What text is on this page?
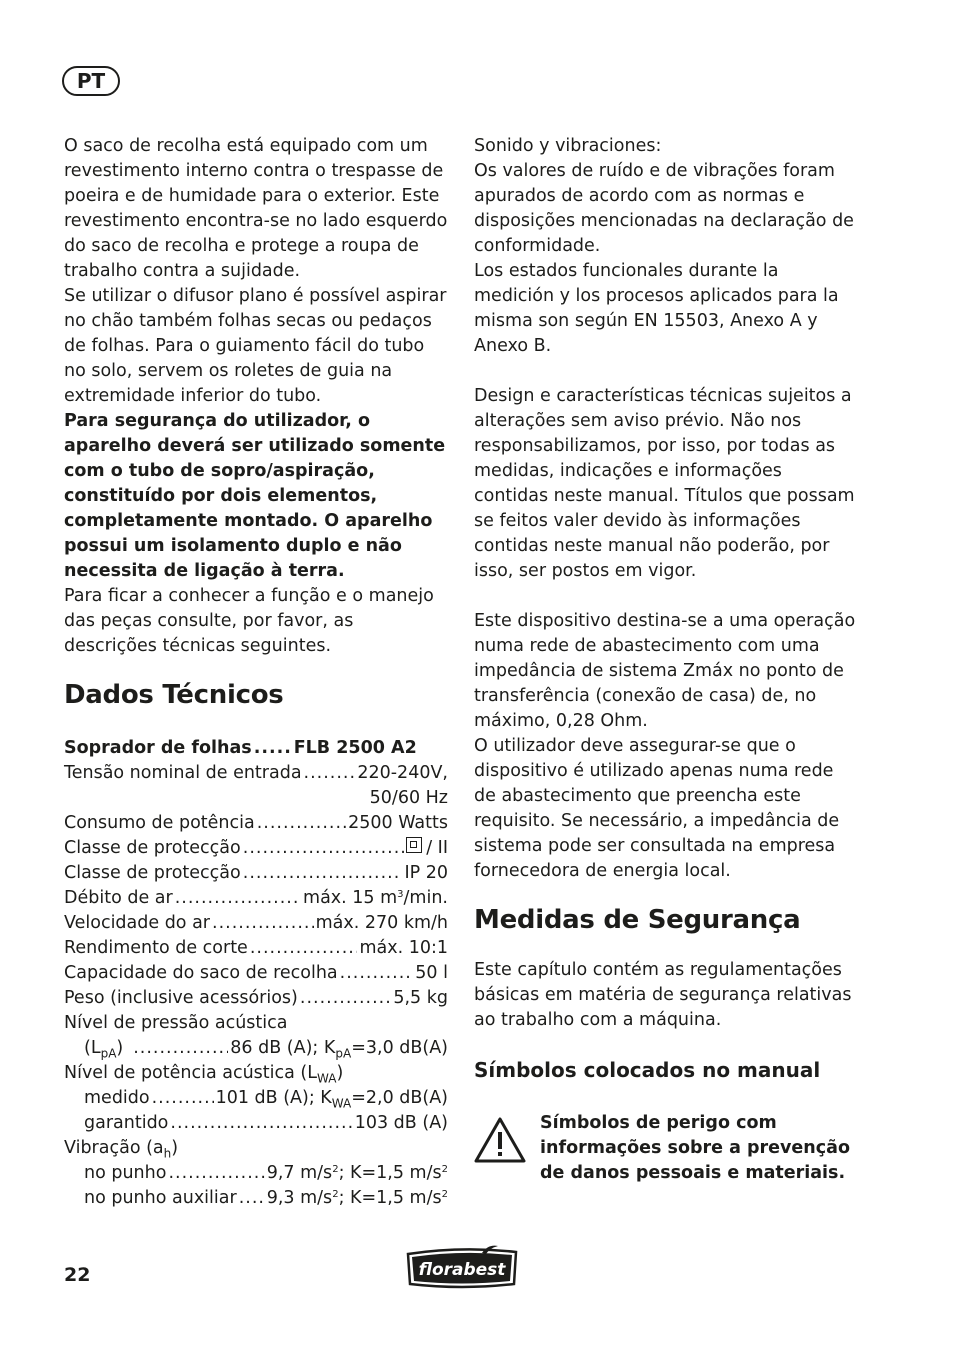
PT

O saco de recolha está equipado com um revestimento interno contra o trespasse de poeira e de humidade para o exterior. Este revestimento encontra-se no lado esquerdo do saco de recolha e protege a roupa de trabalho contra a sujidade.

Se utilizar o difusor plano é possível aspirar no chão também folhas secas ou pedaços de folhas. Para o guiamento fácil do tubo no solo, servem os roletes de guia na extremidade inferior do tubo.

Para segurança do utilizador, o aparelho deverá ser utilizado somente com o tubo de sopro/aspiração, constituído por dois elementos, completamente montado. O aparelho possui um isolamento duplo e não necessita de ligação à terra.

Para ficar a conhecer a função e o manejo das peças consulte, por favor, as descrições técnicas seguintes.

Dados Técnicos
Soprador de folhas ..... FLB 2500 A2
Tensão nominal de entrada .....	220-240V,
50/60 Hz
Consumo de potência .....	2500 Watts
Classe de protecção .....	/ II
Classe de protecção .....	IP 20
Débito de ar .....	máx. 15 $m^3/\min$.
Velocidade do ar .....	máx. 270 km/h
Rendimento de corte .....	máx. 10:1
Capacidade do saco de recolha .....	50 l
Peso (inclusive acessórios) .....	5,5 kg
Nível de pressão acústica
$(L_{pA})$ .....	86 dB (A); $K_{pA}=3,0$ dB(A)
Nível de potência acústica $(L_{WA})$
medido .....	101 dB (A); $K_{WA}=2,0$ dB(A)
garantido .....	103 dB (A)
Vibração $(a_h)$
no punho .....	9,7 $m/s^2$; K=1,5 $m/s^2$
no punho auxiliar ..... 9,3 $m/s^2$; K=1,5 $m/s^2$

Sonido y vibraciones:

Os valores de ruído e de vibrações foram apurados de acordo com as normas e disposições mencionadas na declaração de conformidade.

Los estados funcionales durante la medición y los procesos aplicados para la misma son según EN 15503, Anexo A y Anexo B.

Design e características técnicas sujeitos a alterações sem aviso prévio. Não nos responsabilizamos, por isso, por todas as medidas, indicações e informações contidas neste manual. Títulos que possam se feitos valer devido às informações contidas neste manual não poderão, por isso, ser postos em vigor.

Este dispositivo destina-se a uma operação numa rede de abastecimento com uma impedância de sistema Zmáx no ponto de transferência (conexão de casa) de, no máximo, 0,28 Ohm.

O utilizador deve assegurar-se que o dispositivo é utilizado apenas numa rede de abastecimento que preencha este requisito. Se necessário, a impedância de sistema pode ser consultada na empresa fornecedora de energia local.

Medidas de Segurança

Este capítulo contém as regulamentações básicas em matéria de segurança relativas ao trabalho com a máquina.

Símbolos colocados no manual

Símbolos de perigo com informações sobre a prevenção de danos pessoais e materiais.
22	florabest
